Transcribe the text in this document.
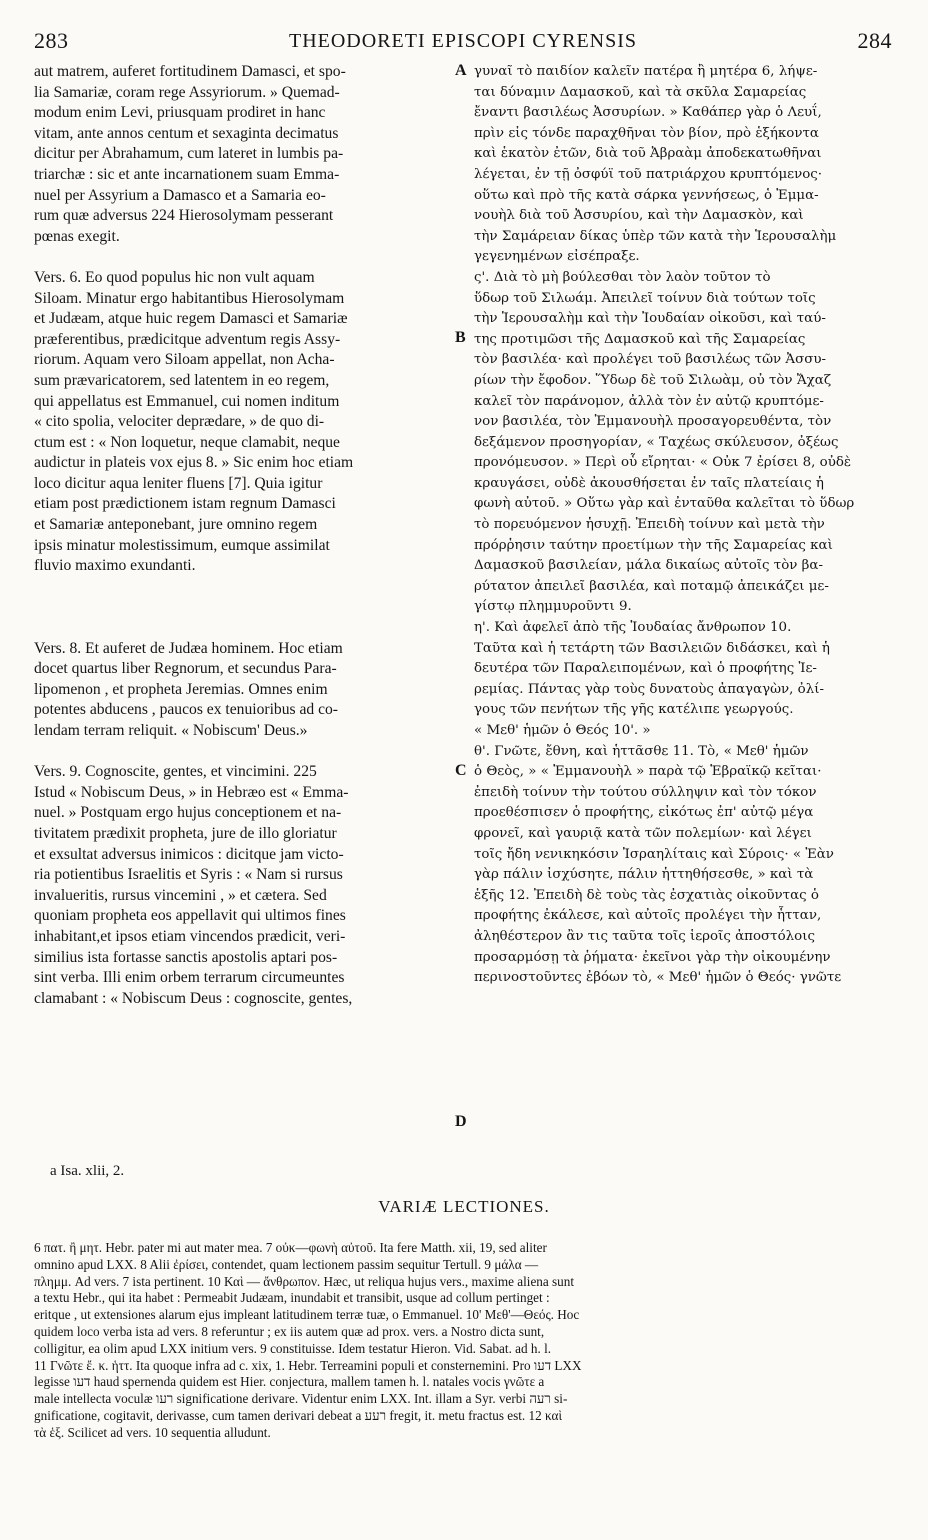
283	THEODORETI EPISCOPI CYRENSIS	284
aut matrem, auferet fortitudinem Damasci, et spo-
lia Samariæ, coram rege Assyriorum. » Quemad-
modum enim Levi, priusquam prodiret in hanc
vitam, ante annos centum et sexaginta decimatus
dicitur per Abrahamum, cum lateret in lumbis pa-
triarchæ : sic et ante incarnationem suam Emma-
nuel per Assyrium a Damasco et a Samaria eo-
rum quæ adversus 224 Hierosolymam pesserant
pœnas exegit.
Vers. 6. Eo quod populus hic non vult aquam
Siloam. Minatur ergo habitantibus Hierosolymam
et Judæam, atque huic regem Damasci et Samariæ
præferentibus, prædicitque adventum regis Assy-
riorum. Aquam vero Siloam appellat, non Acha-
sum prævaricatorem, sed latentem in eo regem,
qui appellatus est Emmanuel, cui nomen inditum
« cito spolia, velociter deprædare, » de quo di-
ctum est : « Non loquetur, neque clamabit, neque
audictur in plateis vox ejus 8. » Sic enim hoc etiam
loco dicitur aqua leniter fluens [7]. Quia igitur
etiam post prædictionem istam regnum Damasci
et Samariæ anteponebant, jure omnino regem
ipsis minatur molestissimum, eumque assimilat
fluvio maximo exundanti.
Vers. 8. Et auferet de Judæa hominem. Hoc etiam
docet quartus liber Regnorum, et secundus Para-
lipomenon , et propheta Jeremias. Omnes enim
potentes abducens , paucos ex tenuioribus ad co-
lendam terram reliquit. « Nobiscum' Deus.»
Vers. 9. Cognoscite, gentes, et vincimini. 225
Istud « Nobiscum Deus, » in Hebræo est « Emma-
nuel. » Postquam ergo hujus conceptionem et na-
tivitatem prædixit propheta, jure de illo gloriatur
et exsultat adversus inimicos : dicitque jam victo-
ria potientibus Israelitis et Syris : « Nam si rursus
invalueritis, rursus vincemini , » et cætera. Sed
quoniam propheta eos appellavit qui ultimos fines
inhabitant,et ipsos etiam vincendos prædicit, veri-
similius ista fortasse sanctis apostolis aptari pos-
sint verba. Illi enim orbem terrarum circumeuntes
clamabant : « Nobiscum Deus : cognoscite, gentes,
A
B
C
D
γυναῖ τὸ παιδίον καλεῖν πατέρα ἢ μητέρα 6, λήψε-
ται δύναμιν Δαμασκοῦ, καὶ τὰ σκῦλα Σαμαρείας
ἔναντι βασιλέως Ἀσσυρίων. » Καθάπερ γὰρ ὁ Λευΐ,
πρὶν εἰς τόνδε παραχθῆναι τὸν βίον, πρὸ ἑξήκοντα
καὶ ἑκατὸν ἐτῶν, διὰ τοῦ Ἀβραὰμ ἀποδεκατωθῆναι
λέγεται, ἐν τῇ ὀσφύϊ τοῦ πατριάρχου κρυπτόμενος·
οὕτω καὶ πρὸ τῆς κατὰ σάρκα γεννήσεως, ὁ Ἐμμα-
νουὴλ διὰ τοῦ Ἀσσυρίου, καὶ τὴν Δαμασκὸν, καὶ
τὴν Σαμάρειαν δίκας ὑπὲρ τῶν κατὰ τὴν Ἱερουσαλὴμ
γεγενημένων εἰσέπραξε.
ς'. Διὰ τὸ μὴ βούλεσθαι τὸν λαὸν τοῦτον τὸ
ὕδωρ τοῦ Σιλωάμ. Ἀπειλεῖ τοίνυν διὰ τούτων τοῖς
τὴν Ἱερουσαλὴμ καὶ τὴν Ἰουδαίαν οἰκοῦσι, καὶ ταύ-
της προτιμῶσι τῆς Δαμασκοῦ καὶ τῆς Σαμαρείας
τὸν βασιλέα· καὶ προλέγει τοῦ βασιλέως τῶν Ἀσσυ-
ρίων τὴν ἔφοδον. Ὕδωρ δὲ τοῦ Σιλωὰμ, οὐ τὸν Ἄχαζ
καλεῖ τὸν παράνομον, ἀλλὰ τὸν ἐν αὐτῷ κρυπτόμε-
νον βασιλέα, τὸν Ἐμμανουὴλ προσαγορευθέντα, τὸν
δεξάμενον προσηγορίαν, « Ταχέως σκύλευσον, ὀξέως
προνόμευσον. » Περὶ οὗ εἴρηται· « Οὐκ 7 ἐρίσει 8, οὐδὲ
κραυγάσει, οὐδὲ ἀκουσθήσεται ἐν ταῖς πλατείαις ἡ
φωνὴ αὐτοῦ. » Οὕτω γὰρ καὶ ἐνταῦθα καλεῖται τὸ ὕδωρ
τὸ πορευόμενον ἡσυχῇ. Ἐπειδὴ τοίνυν καὶ μετὰ τὴν
πρόρῥησιν ταύτην προετίμων τὴν τῆς Σαμαρείας καὶ
Δαμασκοῦ βασιλείαν, μάλα δικαίως αὐτοῖς τὸν βα-
ρύτατον ἀπειλεῖ βασιλέα, καὶ ποταμῷ ἀπεικάζει με-
γίστῳ πλημμυροῦντι 9.
η'. Καὶ ἀφελεῖ ἀπὸ τῆς Ἰουδαίας ἄνθρωπον 10.
Ταῦτα καὶ ἡ τετάρτη τῶν Βασιλειῶν διδάσκει, καὶ ἡ
δευτέρα τῶν Παραλειπομένων, καὶ ὁ προφήτης Ἰε-
ρεμίας. Πάντας γὰρ τοὺς δυνατοὺς ἀπαγαγὼν, ὀλί-
γους τῶν πενήτων τῆς γῆς κατέλιπε γεωργούς.
« Μεθ' ἡμῶν ὁ Θεός 10'. »
θ'. Γνῶτε, ἔθνη, καὶ ἡττᾶσθε 11. Τὸ, « Μεθ' ἡμῶν
ὁ Θεὸς, » « Ἐμμανουὴλ » παρὰ τῷ Ἑβραϊκῷ κεῖται·
ἐπειδὴ τοίνυν τὴν τούτου σύλληψιν καὶ τὸν τόκον
προεθέσπισεν ὁ προφήτης, εἰκότως ἐπ' αὐτῷ μέγα
φρονεῖ, καὶ γαυριᾷ κατὰ τῶν πολεμίων· καὶ λέγει
τοῖς ἤδη νενικηκόσιν Ἰσραηλίταις καὶ Σύροις· « Ἐὰν
γὰρ πάλιν ἰσχύσητε, πάλιν ἡττηθήσεσθε, » καὶ τὰ
ἑξῆς 12. Ἐπειδὴ δὲ τοὺς τὰς ἐσχατιὰς οἰκοῦντας ὁ
προφήτης ἐκάλεσε, καὶ αὐτοῖς προλέγει τὴν ἧτταν,
ἀληθέστερον ἂν τις ταῦτα τοῖς ἱεροῖς ἀποστόλοις
προσαρμόσῃ τὰ ῥήματα· ἐκεῖνοι γὰρ τὴν οἰκουμένην
περινοστοῦντες ἐβόων τὸ, « Μεθ' ἡμῶν ὁ Θεός· γνῶτε
a Isa. xlii, 2.
VARIÆ LECTIONES.
6 πατ. ἢ μητ. Hebr. pater mi aut mater mea. 7 οὐκ—φωνὴ αὐτοῦ. Ita fere Matth. xii, 19, sed aliter
omnino apud LXX. 8 Alii ἐρίσει, contendet, quam lectionem passim sequitur Tertull. 9 μάλα —
πλημμ. Ad vers. 7 ista pertinent. 10 Καὶ — ἄνθρωπον. Hæc, ut reliqua hujus vers., maxime aliena sunt
a textu Hebr., qui ita habet : Permeabit Judæam, inundabit et transibit, usque ad collum pertinget :
eritque , ut extensiones alarum ejus impleant latitudinem terræ tuæ, o Emmanuel. 10' Μεθ'—Θεός. Hoc
quidem loco verba ista ad vers. 8 referuntur ; ex iis autem quæ ad prox. vers. a Nostro dicta sunt,
colligitur, ea olim apud LXX initium vers. 9 constituisse. Idem testatur Hieron. Vid. Sabat. ad h. l.
11 Γνῶτε ἔ. κ. ἡττ. Ita quoque infra ad c. xix, 1. Hebr. Terreamini populi et consternemini. Pro דעו LXX
legisse דעו haud spernenda quidem est Hier. conjectura, mallem tamen h. l. natales vocis γνῶτε a
male intellecta voculæ רעו significatione derivare. Videntur enim LXX. Int. illam a Syr. verbi רעה si-
gnificatione, cogitavit, derivasse, cum tamen derivari debeat a רעע fregit, it. metu fractus est. 12 καὶ
τὰ ἑξ. Scilicet ad vers. 10 sequentia alludunt.
